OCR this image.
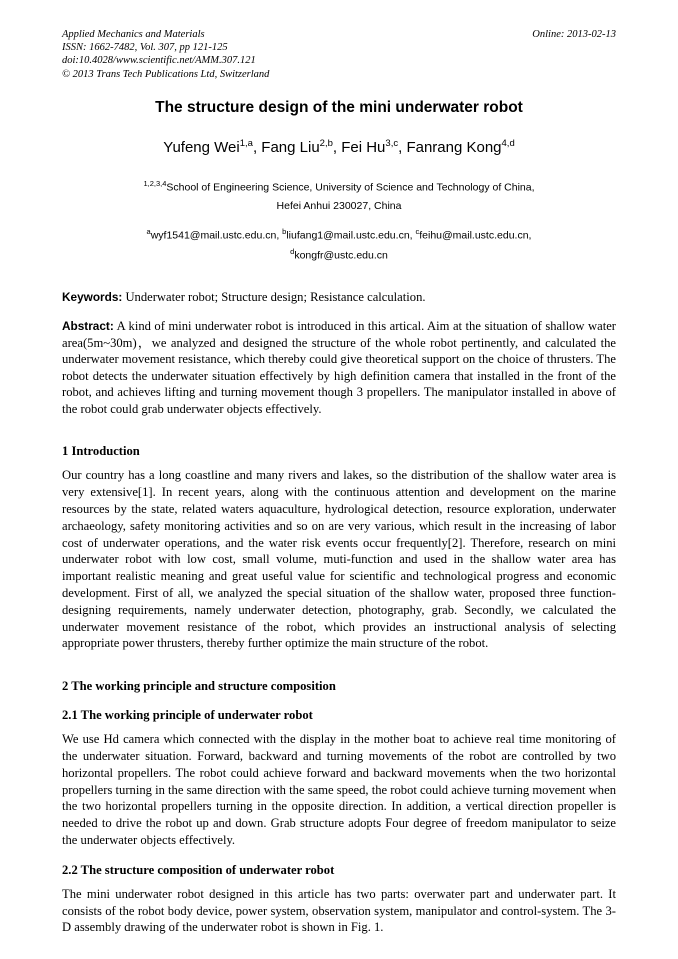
Applied Mechanics and Materials
ISSN: 1662-7482, Vol. 307, pp 121-125
doi:10.4028/www.scientific.net/AMM.307.121
© 2013 Trans Tech Publications Ltd, Switzerland
Online: 2013-02-13
The structure design of the mini underwater robot
Yufeng Wei$^{1,a}$, Fang Liu$^{2,b}$, Fei Hu$^{3,c}$, Fanrang Kong$^{4,d}$
$^{1,2,3,4}$School of Engineering Science, University of Science and Technology of China,
Hefei Anhui 230027, China
$^a$wyf1541@mail.ustc.edu.cn, $^b$liufang1@mail.ustc.edu.cn, $^c$feihu@mail.ustc.edu.cn,
$^d$kongfr@ustc.edu.cn

Keywords: Underwater robot; Structure design; Resistance calculation.

Abstract: A kind of mini underwater robot is introduced in this artical. Aim at the situation of shallow water area(5m~30m)，we analyzed and designed the structure of the whole robot pertinently, and calculated the underwater movement resistance, which thereby could give theoretical support on the choice of thrusters. The robot detects the underwater situation effectively by high definition camera that installed in the front of the robot, and achieves lifting and turning movement though 3 propellers. The manipulator installed in above of the robot could grab underwater objects effectively.

1 Introduction

Our country has a long coastline and many rivers and lakes, so the distribution of the shallow water area is very extensive[1]. In recent years, along with the continuous attention and development on the marine resources by the state, related waters aquaculture, hydrological detection, resource exploration, underwater archaeology, safety monitoring activities and so on are very various, which result in the increasing of labor cost of underwater operations, and the water risk events occur frequently[2]. Therefore, research on mini underwater robot with low cost, small volume, muti-function and used in the shallow water area has important realistic meaning and great useful value for scientific and technological progress and economic development. First of all, we analyzed the special situation of the shallow water, proposed three function-designing requirements, namely underwater detection, photography, grab. Secondly, we calculated the underwater movement resistance of the robot, which provides an instructional analysis of selecting appropriate power thrusters, thereby further optimize the main structure of the robot.

2 The working principle and structure composition
2.1 The working principle of underwater robot

We use Hd camera which connected with the display in the mother boat to achieve real time monitoring of the underwater situation. Forward, backward and turning movements of the robot are controlled by two horizontal propellers. The robot could achieve forward and backward movements when the two horizontal propellers turning in the same direction with the same speed, the robot could achieve turning movement when the two horizontal propellers turning in the opposite direction. In addition, a vertical direction propeller is needed to drive the robot up and down. Grab structure adopts Four degree of freedom manipulator to seize the underwater objects effectively.

2.2 The structure composition of underwater robot

The mini underwater robot designed in this article has two parts: overwater part and underwater part. It consists of the robot body device, power system, observation system, manipulator and control-system. The 3-D assembly drawing of the underwater robot is shown in Fig. 1.
